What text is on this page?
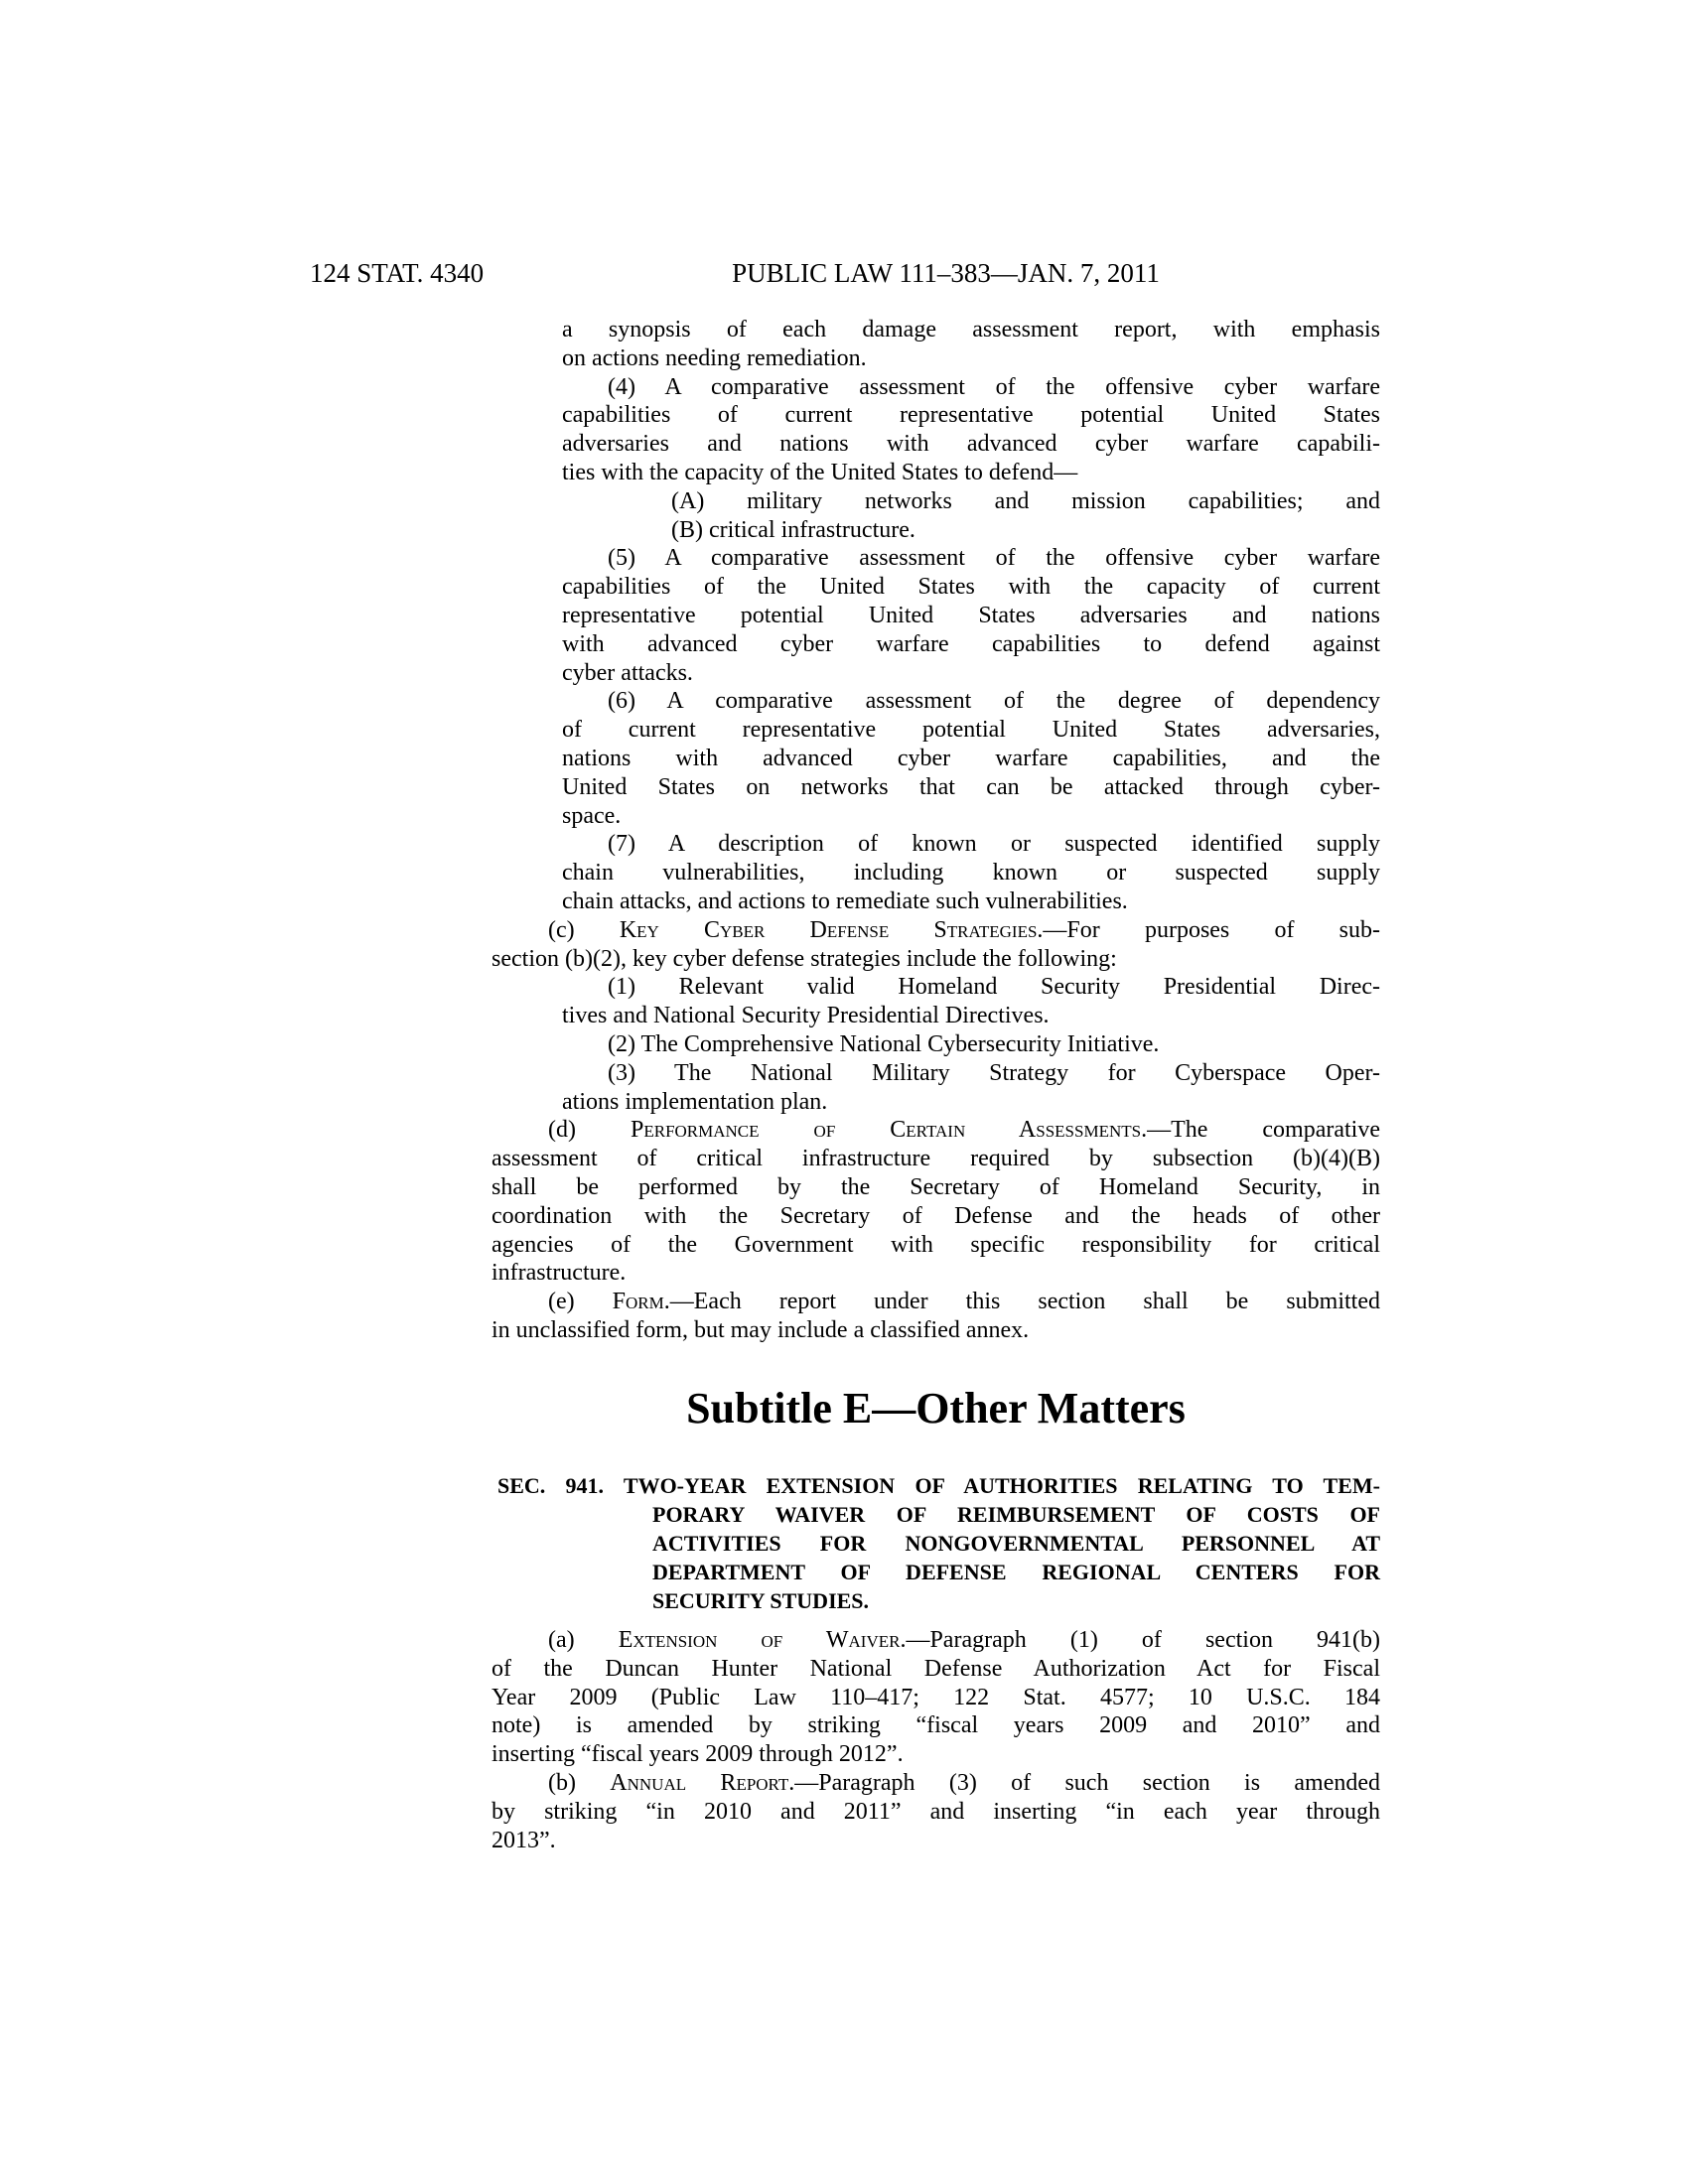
124 STAT. 4340	PUBLIC LAW 111–383—JAN. 7, 2011
a synopsis of each damage assessment report, with emphasis
on actions needing remediation.
(4) A comparative assessment of the offensive cyber warfare
capabilities of current representative potential United States
adversaries and nations with advanced cyber warfare capabili-
ties with the capacity of the United States to defend—
(A) military networks and mission capabilities; and
(B) critical infrastructure.
(5) A comparative assessment of the offensive cyber warfare
capabilities of the United States with the capacity of current
representative potential United States adversaries and nations
with advanced cyber warfare capabilities to defend against
cyber attacks.
(6) A comparative assessment of the degree of dependency
of current representative potential United States adversaries,
nations with advanced cyber warfare capabilities, and the
United States on networks that can be attacked through cyber-
space.
(7) A description of known or suspected identified supply
chain vulnerabilities, including known or suspected supply
chain attacks, and actions to remediate such vulnerabilities.
(c) Key Cyber Defense Strategies.—For purposes of sub-
section (b)(2), key cyber defense strategies include the following:
(1) Relevant valid Homeland Security Presidential Direc-
tives and National Security Presidential Directives.
(2) The Comprehensive National Cybersecurity Initiative.
(3) The National Military Strategy for Cyberspace Oper-
ations implementation plan.
(d) Performance of Certain Assessments.—The comparative
assessment of critical infrastructure required by subsection (b)(4)(B)
shall be performed by the Secretary of Homeland Security, in
coordination with the Secretary of Defense and the heads of other
agencies of the Government with specific responsibility for critical
infrastructure.
(e) Form.—Each report under this section shall be submitted
in unclassified form, but may include a classified annex.
Subtitle E—Other Matters
SEC. 941. TWO-YEAR EXTENSION OF AUTHORITIES RELATING TO TEM-
PORARY WAIVER OF REIMBURSEMENT OF COSTS OF
ACTIVITIES FOR NONGOVERNMENTAL PERSONNEL AT
DEPARTMENT OF DEFENSE REGIONAL CENTERS FOR
SECURITY STUDIES.
(a) Extension of Waiver.—Paragraph (1) of section 941(b)
of the Duncan Hunter National Defense Authorization Act for Fiscal
Year 2009 (Public Law 110–417; 122 Stat. 4577; 10 U.S.C. 184
note) is amended by striking “fiscal years 2009 and 2010” and
inserting “fiscal years 2009 through 2012”.
(b) Annual Report.—Paragraph (3) of such section is amended
by striking “in 2010 and 2011” and inserting “in each year through
2013”.
